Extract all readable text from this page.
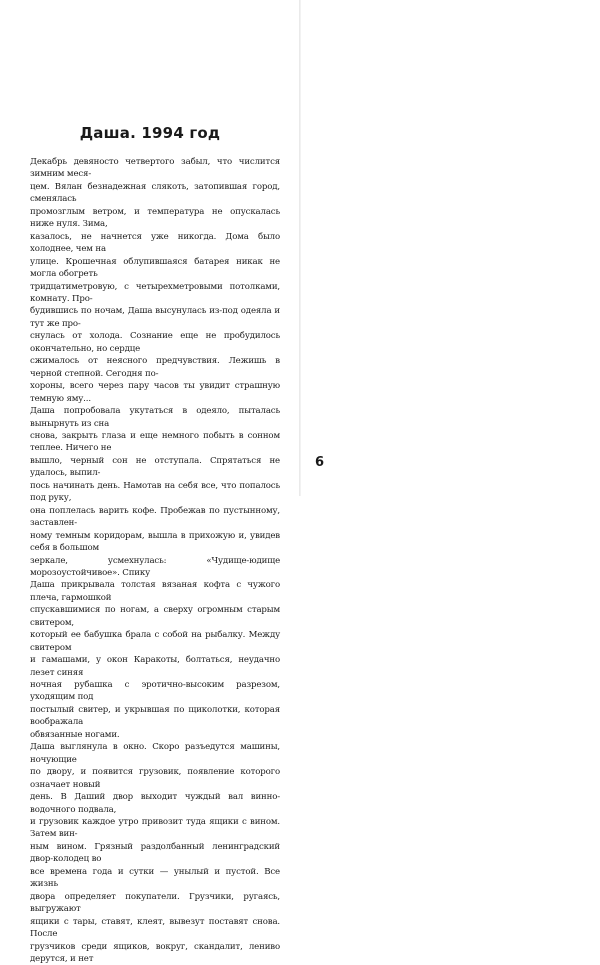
Даша. 1994 год

Декабрь девяносто четвертого забыл, что числится зимним меся-
цем. Вялан безнадежная слякоть, затопившая город, сменялась
промозглым ветром, и температура не опускалась ниже нуля. Зима,
казалось, не начнется уже никогда. Дома было холоднее, чем на
улице. Крошечная облупившаяся батарея никак не могла обогреть
тридцатиметровую, с четырехметровыми потолками, комнату. Про-
будившись по ночам, Даша высунулась из-под одеяла и тут же про-
снулась от холода. Сознание еще не пробудилось окончательно, но сердце
сжималось от неясного предчувствия. Лежишь в черной степной. Сегодня по-
хороны, всего через пару часов ты увидит страшную темную яму...
Даша попробовала укутаться в одеяло, пыталась вынырнуть из сна
снова, закрыть глаза и еще немного побыть в сонном теплее. Ничего не
вышло, черный сон не отступала. Спрятаться не удалось, выпил-
пось начинать день. Намотав на себя все, что попалось под руку,
она поплелась варить кофе. Пробежав по пустынному, заставлен-
ному темным коридорам, вышла в прихожую и, увидев себя в большом
зеркале, усмехнулась: «Чудище-юдище морозоустойчивое». Спику
Даша прикрывала толстая вязаная кофта с чужого плеча, гармошкой
спускавшимися по ногам, а сверху огромным старым свитером,
который ее бабушка брала с собой на рыбалку. Между свитером
и гамашами, у окон Каракоты, болтаться, неудачно лезет синяя
ночная рубашка с эротично-высоким разрезом, уходящим под
постылый свитер, и укрывшая по щиколотки, которая воображала
обвязанные ногами.
Даша выглянула в окно. Скоро разъедутся машины, ночующие
по двору, и появится грузовик, появление которого означает новый
день. В Даший двор выходит чуждый вал винно-водочного подвала,
и грузовик каждое утро привозит туда ящики с вином. Затем вин-
ным вином. Грязный раздолбанный ленинградский двор-колодец во
все времена года и сутки — унылый и пустой. Все жизнь
двора определяет покупатели. Грузчики, ругаясь, выгружают
ящики с тары, ставят, клеят, вывезут поставят снова. После
грузчиков среди ящиков, вокруг, скандалит, лениво дерутся, и нет

6
